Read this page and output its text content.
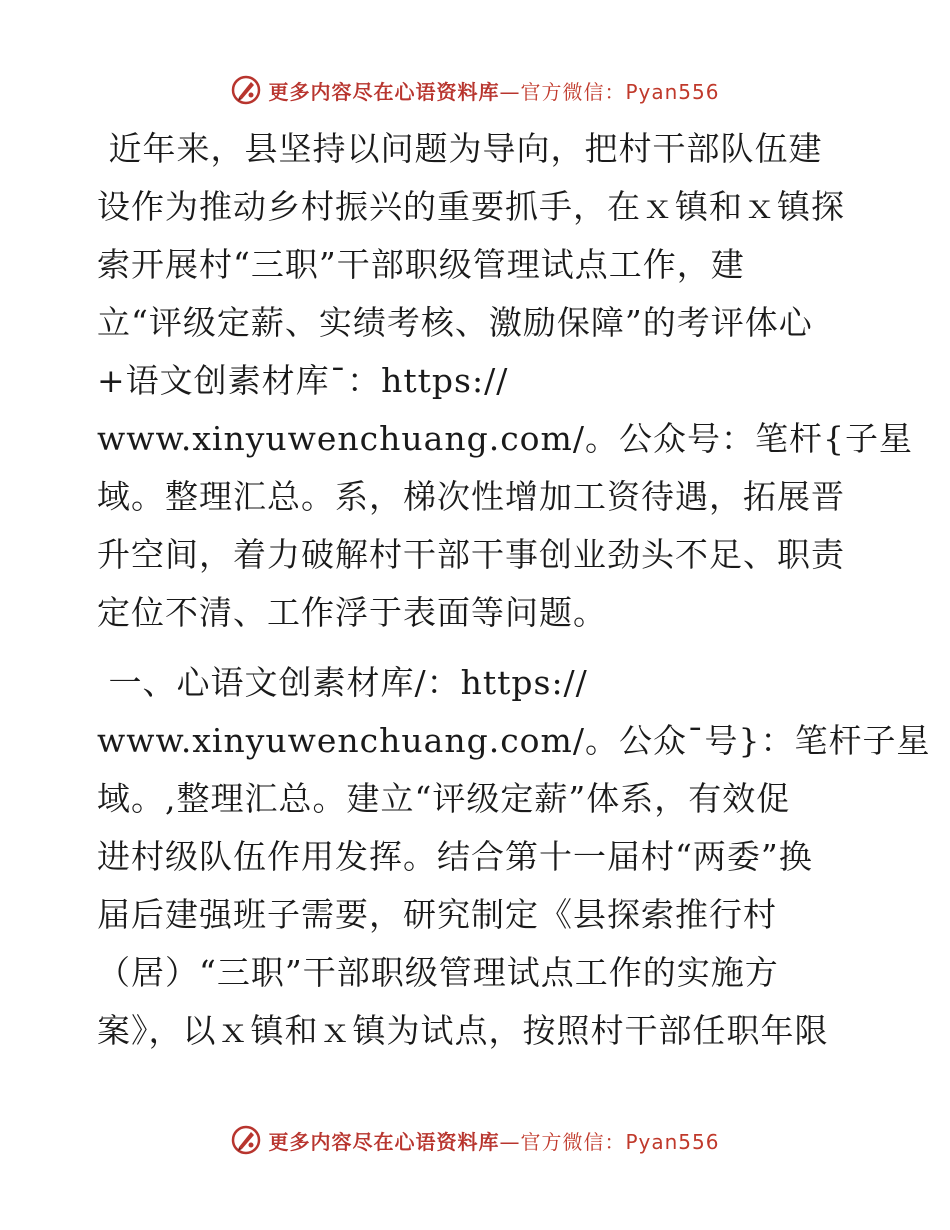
更多内容尽在心语资料库—官方微信：Pyan556

近年来，县坚持以问题为导向，把村干部队伍建

设作为推动乡村振兴的重要抓手，在ｘ镇和ｘ镇探

索开展村“三职”干部职级管理试点工作，建

立“评级定薪、实绩考核、激励保障”的考评体心

+语文创素材库¯：https://

www.xinyuwenchuang.com/。公众号：笔杆{子星

域。整理汇总。系，梯次性增加工资待遇，拓展晋

升空间，着力破解村干部干事创业劲头不足、职责

定位不清、工作浮于表面等问题。

一、心语文创素材库/：https://

www.xinyuwenchuang.com/。公众¯号}：笔杆子星

域。,整理汇总。建立“评级定薪”体系，有效促

进村级队伍作用发挥。结合第十一届村“两委”换

届后建强班子需要，研究制定《县探索推行村

（居）“三职”干部职级管理试点工作的实施方

案》，以ｘ镇和ｘ镇为试点，按照村干部任职年限

更多内容尽在心语资料库—官方微信：Pyan556
